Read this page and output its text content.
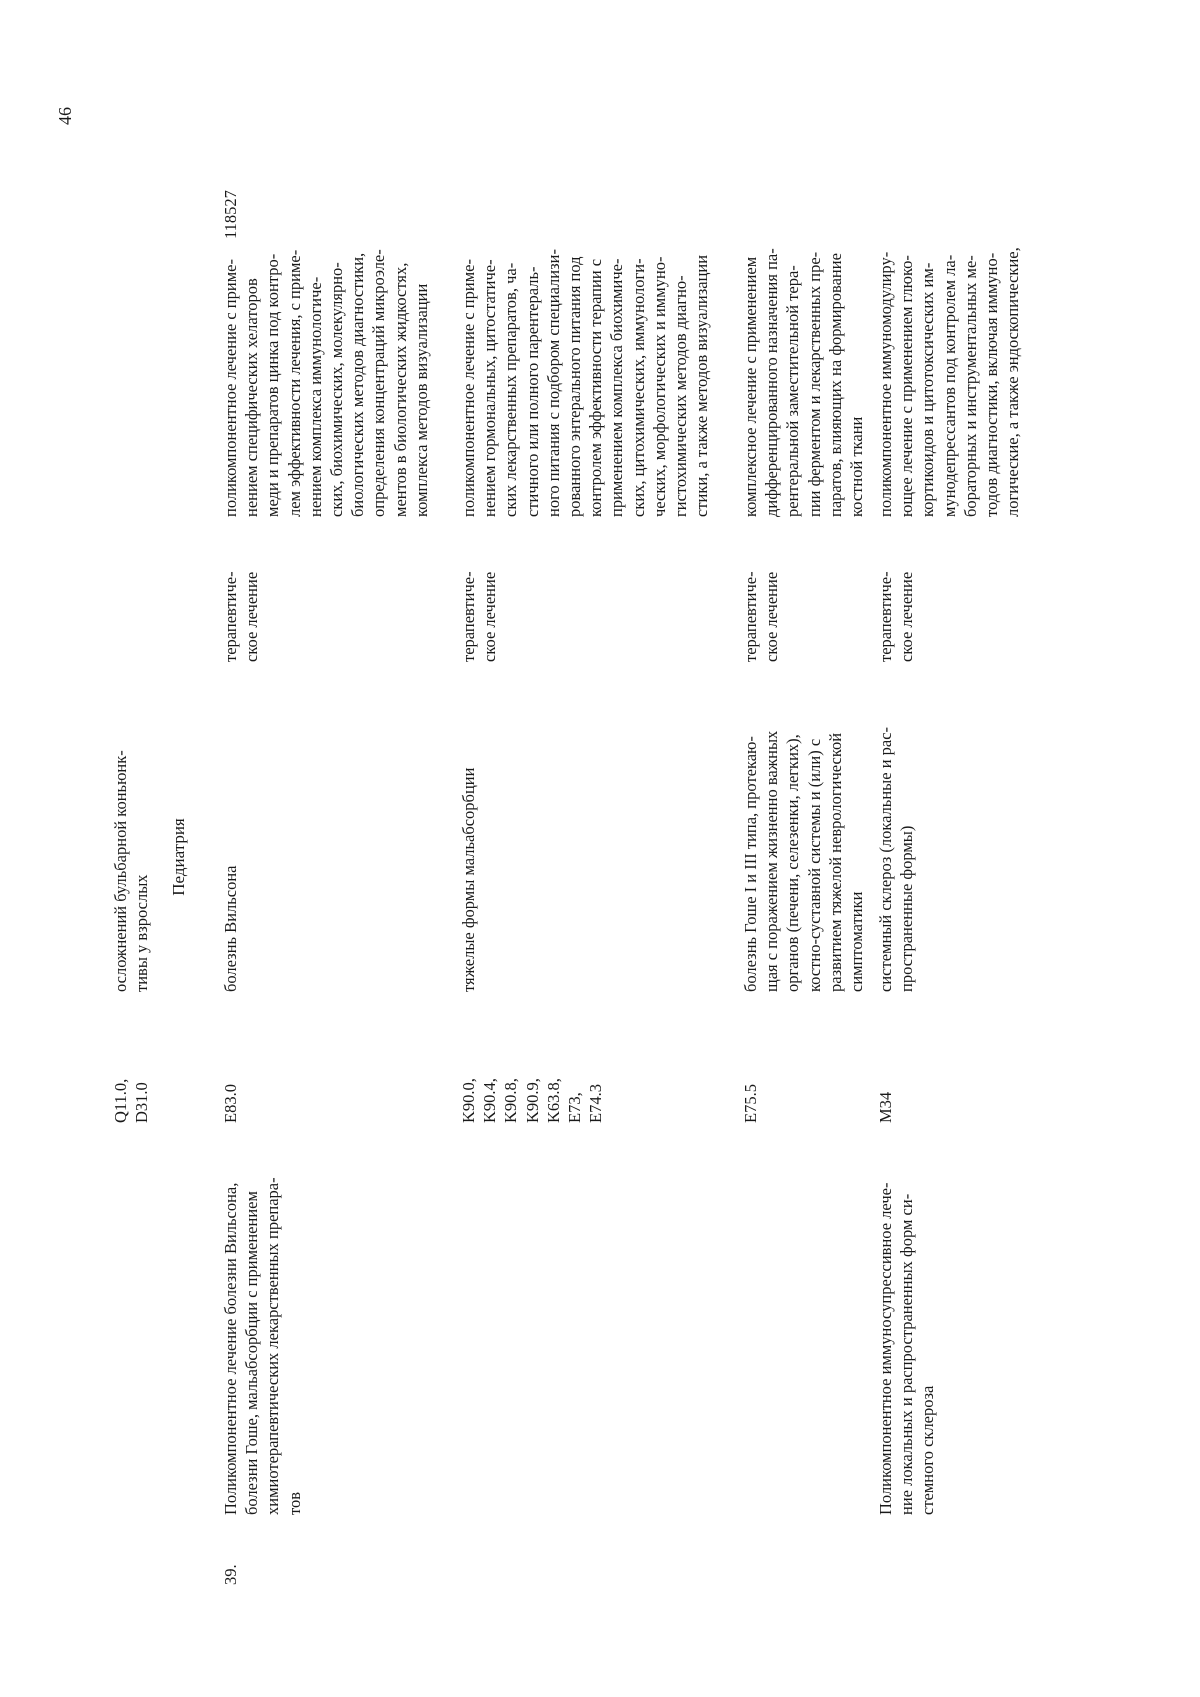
46
Q11.0,
D31.0
осложнений бульбарной коньюнк-
тивы у взрослых
Педиатрия
39.
Поликомпонентное лечение болезни Вильсона,
болезни Гоше, мальабсорбции с применением
химиотерапевтических лекарственных препара-
тов
118527
E83.0
болезнь Вильсона
терапевтиче-
ское лечение
поликомпонентное лечение с приме-
нением специфических хелаторов
меди и препаратов цинка под контро-
лем эффективности лечения, с приме-
нением комплекса иммунологиче-
ских, биохимических, молекулярно-
биологических методов диагностики,
определения концентраций микроэле-
ментов в биологических жидкостях,
комплекса методов визуализации
K90.0,
K90.4,
K90.8,
K90.9,
K63.8,
E73,
E74.3
тяжелые формы мальабсорбции
терапевтиче-
ское лечение
поликомпонентное лечение с приме-
нением гормональных, цитостатиче-
ских лекарственных препаратов, ча-
стичного или полного парентераль-
ного питания с подбором специализи-
рованного энтерального питания под
контролем эффективности терапии с
применением комплекса биохимиче-
ских, цитохимических, иммунологи-
ческих, морфологических и иммуно-
гистохимических методов диагно-
стики, а также методов визуализации
E75.5
болезнь Гоше I и III типа, протекаю-
щая с поражением жизненно важных
органов (печени, селезенки, легких),
костно-суставной системы и (или) с
развитием тяжелой неврологической
симптоматики
терапевтиче-
ское лечение
комплексное лечение с применением
дифференцированного назначения па-
рентеральной заместительной тера-
пии ферментом и лекарственных пре-
паратов, влияющих на формирование
костной ткани
Поликомпонентное иммуносупрессивное лече-
ние локальных и распространенных форм си-
стемного склероза
M34
системный склероз (локальные и рас-
пространенные формы)
терапевтиче-
ское лечение
поликомпонентное иммуномодулиру-
ющее лечение с применением глюко-
кортикоидов и цитотоксических им-
мунодепрессантов под контролем ла-
бораторных и инструментальных ме-
тодов диагностики, включая иммуно-
логические, а также эндоскопические,
